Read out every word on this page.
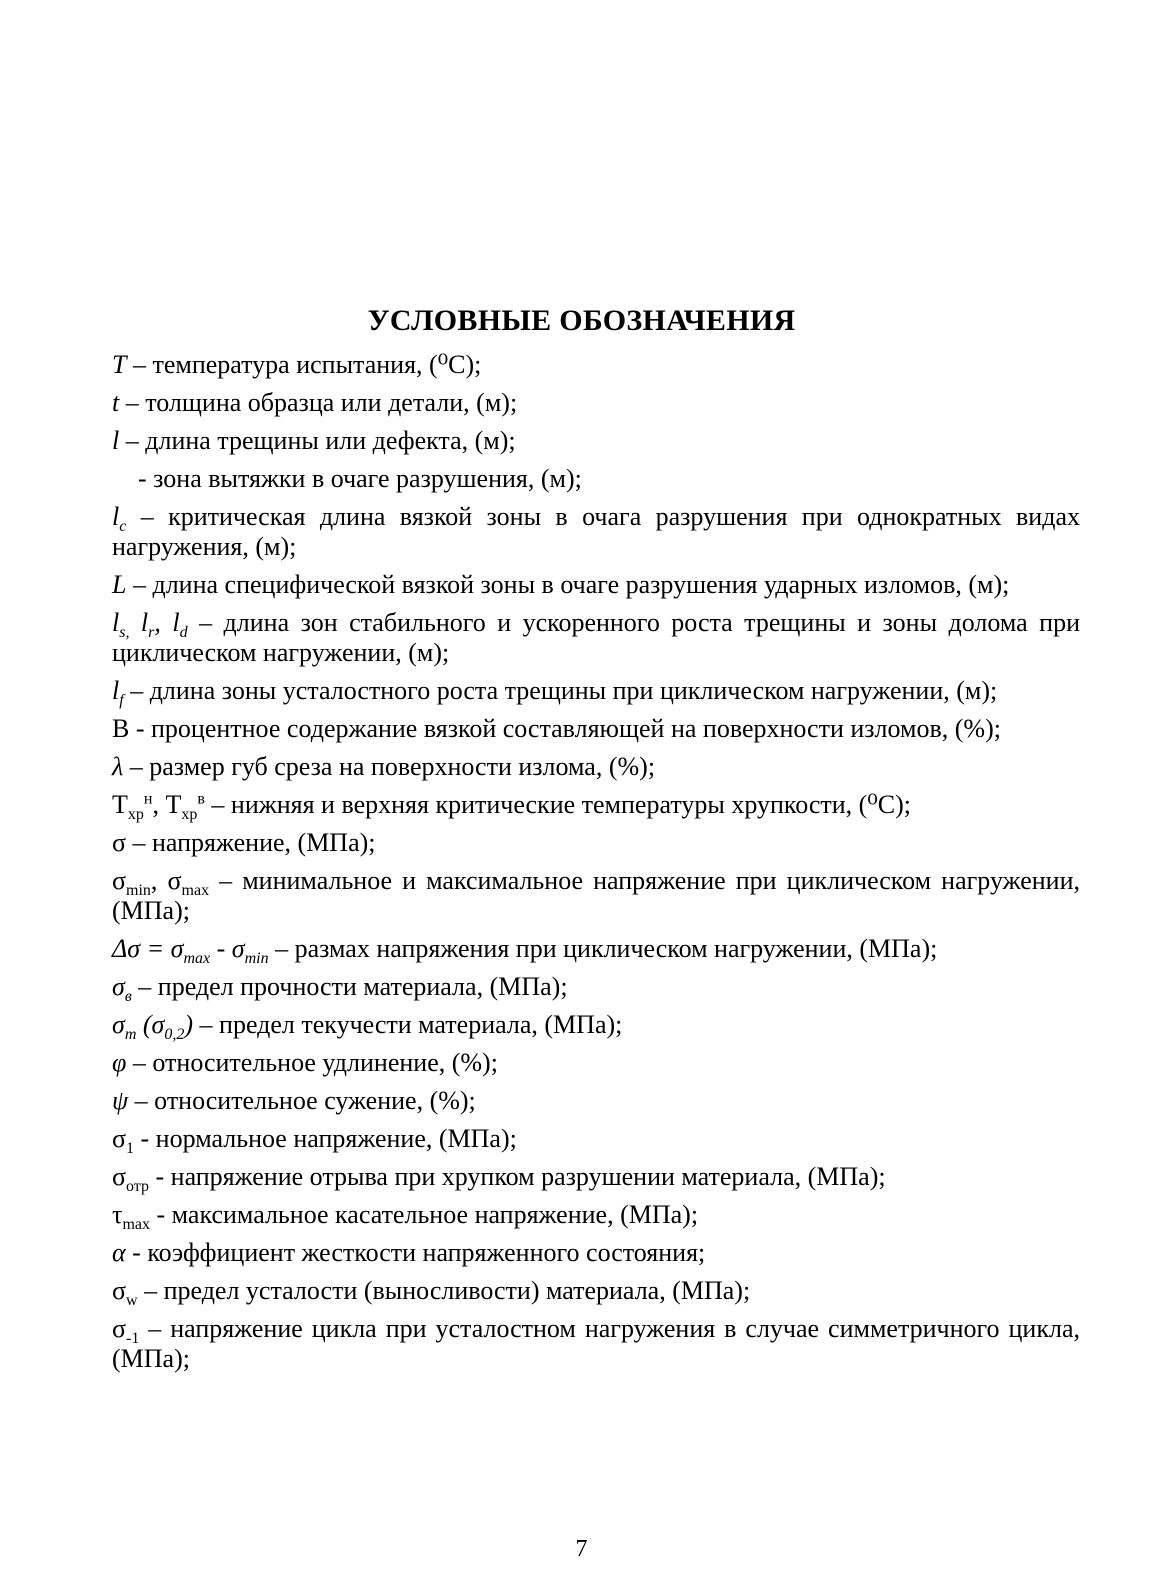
УСЛОВНЫЕ ОБОЗНАЧЕНИЯ

T – температура испытания, (⁰С);

t – толщина образца или детали, (м);

l – длина трещины или дефекта, (м);

- зона вытяжки в очаге разрушения, (м);

$l_c$ – критическая длина вязкой зоны в очага разрушения при однократных видах нагружения, (м);

L – длина специфической вязкой зоны в очаге разрушения ударных изломов, (м);

$l_{s,}$ $l_r$, $l_d$ – длина зон стабильного и ускоренного роста трещины и зоны долома при циклическом нагружении, (м);

$l_f$ – длина зоны усталостного роста трещины при циклическом нагружении, (м);

В - процентное содержание вязкой составляющей на поверхности изломов, (%);

λ – размер губ среза на поверхности излома, (%);

$Т_{хр}^н$, $Т_{хр}^в$ – нижняя и верхняя критические температуры хрупкости, (⁰С);

σ – напряжение, (МПа);

$\sigma_{min}$, $\sigma_{max}$ – минимальное и максимальное напряжение при циклическом нагружении, (МПа);

$\Delta\sigma = \sigma_{max} - \sigma_{min}$ – размах напряжения при циклическом нагружении, (МПа);

$\sigma_в$ – предел прочности материала, (МПа);

$\sigma_т$ $(\sigma_{0,2})$ – предел текучести материала, (МПа);

φ – относительное удлинение, (%);

ψ – относительное сужение, (%);

$\sigma_1$ - нормальное напряжение, (МПа);

$\sigma_{отр}$ - напряжение отрыва при хрупком разрушении материала, (МПа);

$\tau_{max}$ - максимальное касательное напряжение, (МПа);

α - коэффициент жесткости напряженного состояния;

$\sigma_w$ – предел усталости (выносливости) материала, (МПа);

$\sigma_{-1}$ – напряжение цикла при усталостном нагружения в случае симметричного цикла, (МПа);

7
